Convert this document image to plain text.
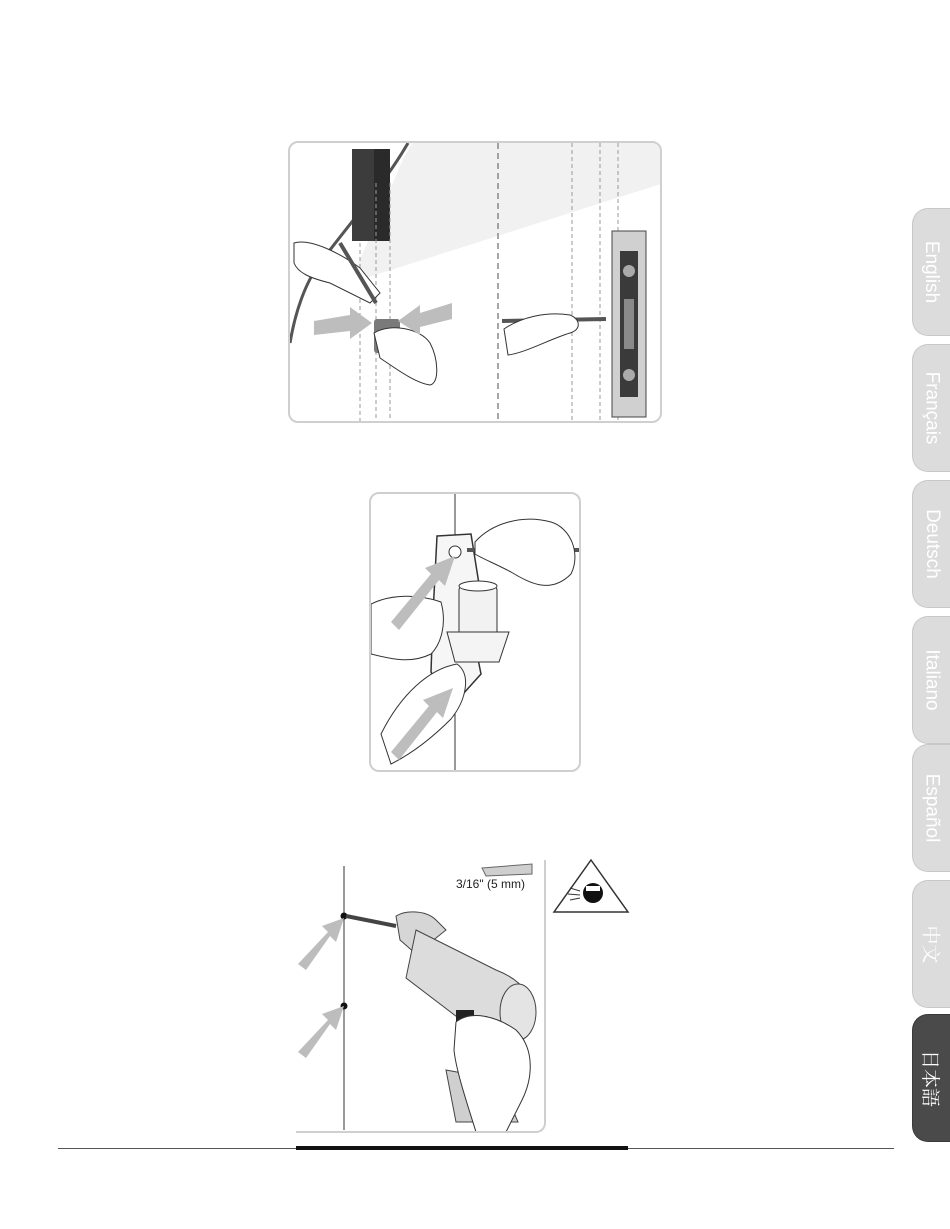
3/16" (5 mm)
English
Français
Deutsch
Italiano
Español
中文
日本語
